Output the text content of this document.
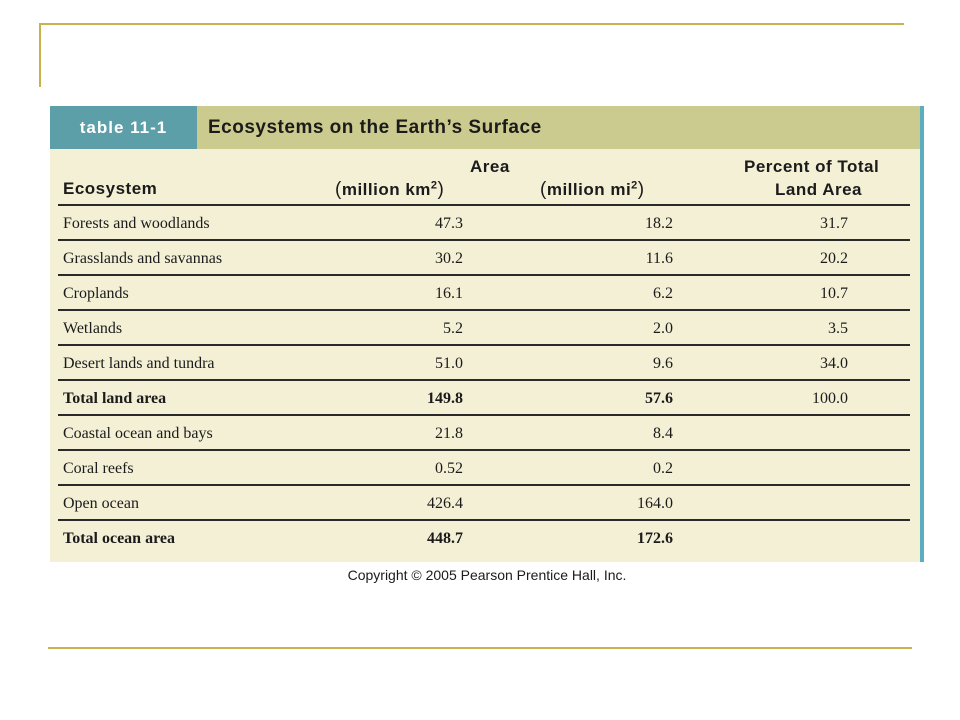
table 11-1	Ecosystems on the Earth’s Surface
Area
Ecosystem	(million $km^2$)	(million $mi^2$)
Percent of Total
Land Area
Forests and woodlands	47.3	18.2	31.7
Grasslands and savannas	30.2	11.6	20.2
Croplands	16.1	6.2	10.7
Wetlands	5.2	2.0	3.5
Desert lands and tundra	51.0	9.6	34.0
Total land area	149.8	57.6	100.0
Coastal ocean and bays	21.8	8.4
Coral reefs	0.52	0.2
Open ocean	426.4	164.0
Total ocean area	448.7	172.6
Copyright © 2005 Pearson Prentice Hall, Inc.
